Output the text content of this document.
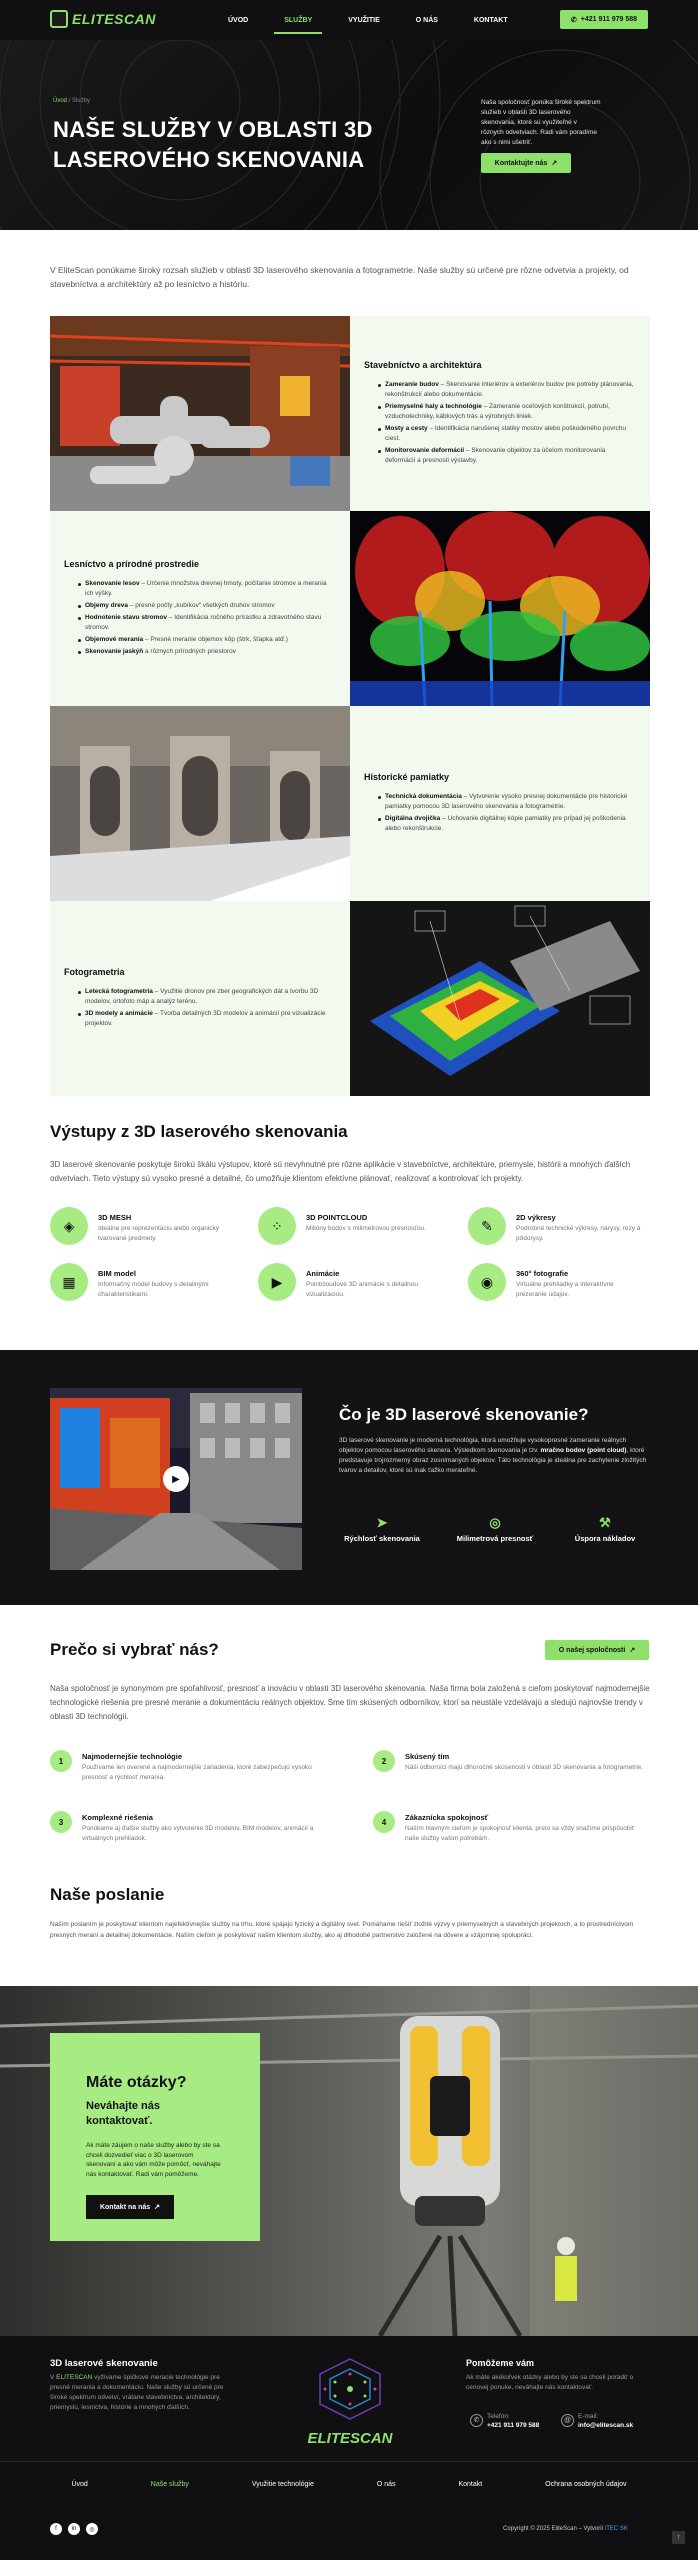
ELITESCAN	ÚVOD	SLUŽBY	VYUŽITIE	O NÁS	KONTAKT	✆ +421 911 979 588
Úvod / Služby
NAŠE SLUŽBY V OBLASTI 3D LASEROVÉHO SKENOVANIA

Naša spoločnosť ponúka široké spektrum služieb v oblasti 3D laserového skenovania, ktoré sú využiteľné v rôznych odvetviach. Radi vám poradíme ako s nimi ušetriť.

Kontaktujte nás ↗

V EliteScan ponúkame široký rozsah služieb v oblasti 3D laserového skenovania a fotogrametrie. Naše služby sú určené pre rôzne odvetvia a projekty, od stavebníctva a architektúry až po lesníctvo a históriu.

Stavebníctvo a architektúra
Zameranie budov – Skenovanie interiérov a exteriérov budov pre potreby plánovania, rekonštrukcií alebo dokumentácie.
Priemyselné haly a technológie – Zameranie oceľových konštrukcií, potrubí, vzduchotechniky, káblových trás a výrobných liniek.
Mosty a cesty – Identifikácia narušenej statiky mostov alebo poškodeného povrchu ciest.
Monitorovanie deformácií – Skenovanie objektov za účelom monitorovania deformácií a presnosti výstavby.
Lesníctvo a prírodné prostredie
Skenovanie lesov – Určenie množstva drevnej hmoty, počítanie stromov a merania ich výšky.
Objemy dreva – presné počty „kubíkov“ všetkých druhov stromov
Hodnotenie stavu stromov – Identifikácia ročného prírastku a zdravotného stavu stromov.
Objemové merania – Presné meranie objemov kôp (štrk, šťapka atď.)
Skenovanie jaskýň a rôznych prírodných priestorov
Historické pamiatky
Technická dokumentácia – Vytvorenie vysoko presnej dokumentácie pre historické pamiatky pomocou 3D laserového skenovania a fotogrametrie.
Digitálna dvojička – Uchovanie digitálnej kópie pamiatky pre prípad jej poškodenia alebo rekonštrukcie.
Fotogrametria
Letecká fotogrametria – Využitie dronov pre zber geografických dát a tvorbu 3D modelov, ortofoto máp a analýz terénu.
3D modely a animácie – Tvorba detailných 3D modelov a animácií pre vizualizácie projektov.
Výstupy z 3D laserového skenovania

3D laserové skenovanie poskytuje širokú škálu výstupov, ktoré sú nevyhnutné pre rôzne aplikácie v stavebníctve, architektúre, priemysle, histórii a mnohých ďalších odvetviach. Tieto výstupy sú vysoko presné a detailné, čo umožňuje klientom efektívne plánovať, realizovať a kontrolovať ich projekty.

◈	3D MESH
Ideálne pre reprezentáciu alebo organicky tvarované predmety.
⁘	3D POINTCLOUD
Milióny bodov s milimetrovou presnosťou.	✎	2D výkresy
Podrobné technické výkresy, nárysy, rezy a pôdorysy.
▦	BIM model
Informačný model budovy s detailnými charakteristikami.
▶	Animácie
Pointcloudové 3D animácie s detailnou vizualizáciou.
◉	360° fotografie
Virtuálne prehliadky a interaktívne prezeranie údajov.
▶
Čo je 3D laserové skenovanie?

3D laserové skenovanie je moderná technológia, ktorá umožňuje vysokopresné zameranie reálnych objektov pomocou laserového skenera. Výsledkom skenovania je tzv. mračno bodov (point cloud), ktoré predstavuje trojrozmerný obraz zosnímaných objektov. Táto technológia je ideálna pre zachytenie zložitých tvarov a detailov, ktoré sú inak ťažko merateľné.

➤
Rýchlosť skenovania
◎
Milimetrová presnosť
⚒
Úspora nákladov
Prečo si vybrať nás?	O našej spoločnosti ↗

Naša spoločnosť je synonymom pre spoľahlivosť, presnosť a inováciu v oblasti 3D laserového skenovania. Naša firma bola založená s cieľom poskytovať najmodernejšie technologické riešenia pre presné meranie a dokumentáciu reálnych objektov. Sme tím skúsených odborníkov, ktorí sa neustále vzdelávajú a sledujú najnovšie trendy v oblasti 3D technológií.

1	Najmodernejšie technológie
Používame len overené a najmodernejšie zariadenia, ktoré zabezpečujú vysokú presnosť a rýchlosť merania.
2	Skúsený tím
Náši odborníci majú dlhoročné skúsenosti v oblasti 3D skenovania a fotogrametrie.
3	Komplexné riešenia
Ponúkame aj ďalšie služby ako vytvorenie 3D modelov, BIM modelov, animácií a virtuálnych prehliadok.
4	Zákaznícka spokojnosť
Naším hlavným cieľom je spokojnosť klienta, preto sa vždy snažíme prispôsobiť naše služby vašim potrebám.
Naše poslanie

Naším poslaním je poskytovať klientom najefektívnejšie služby na trhu, ktoré spájajú fyzický a digitálny svet. Pomáhame riešiť zložité výzvy v priemyselných a stavebných projektoch, a to prostredníctvom presných meraní a detailnej dokumentácie. Naším cieľom je poskytovať našim klientom služby, ako aj dlhodobé partnerstvo založené na dôvere a vzájomnej spolupráci.

Máte otázky?

Neváhajte nás kontaktovať.

Ak máte záujem o naše služby alebo by ste sa chceli dozvedieť viac o 3D laserovom skenovaní a ako vám môže pomôcť, neváhajte nás kontaktovať. Radi vám pomôžeme.

Kontakt na nás ↗
3D laserové skenovanie

V ELITESCAN vyžívame špičkové meracie technológie pre presné merania a dokumentáciu. Naše služby sú určené pre široké spektrum odvetví, vrátane stavebníctva, architektúry, priemyslu, lesníctva, histórie a mnohých ďalších.

ELITESCAN
Pomôžeme vám

Ak máte akékoľvek otázky alebo by ste sa chceli poradiť o cenovej ponuke, neváhajte nás kontaktovať.

✆
Telefón:
+421 911 979 588
@
E-mail:
info@elitescan.sk
Úvod	Naše služby	Využitie technológie	O nás	Kontakt	Ochrana osobných údajov
f	in	◎	Copyright © 2025 EliteScan – Vytvoril ITEC SK
↑
